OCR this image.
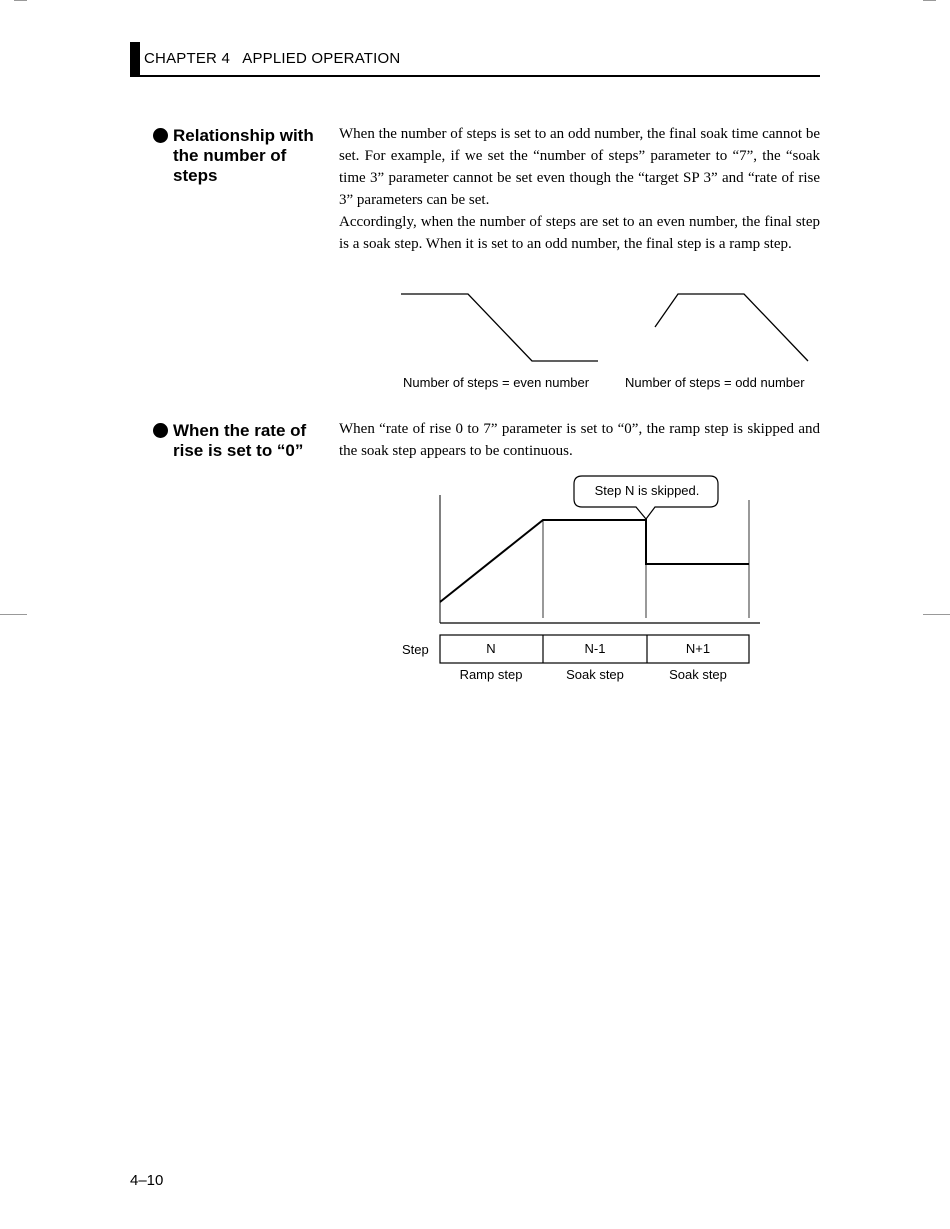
CHAPTER 4   APPLIED OPERATION
Relationship with
the number of
steps

When the number of steps is set to an odd number, the final soak time cannot be set. For example, if we set the “number of steps” parameter to “7”, the “soak time 3” parameter cannot be set even though the “target SP 3” and “rate of rise 3” parameters can be set.

Accordingly, when the number of steps are set to an even number, the final step is a soak step. When it is set to an odd number, the final step is a ramp step.

Number of steps = even number	Number of steps = odd number
When the rate of
rise is set to “0”

When “rate of rise 0 to 7” parameter is set to “0”, the ramp step is skipped and the soak step appears to be continuous.

Step N is skipped.
Step	N	N-1	N+1
Ramp step	Soak step	Soak step
4–10
